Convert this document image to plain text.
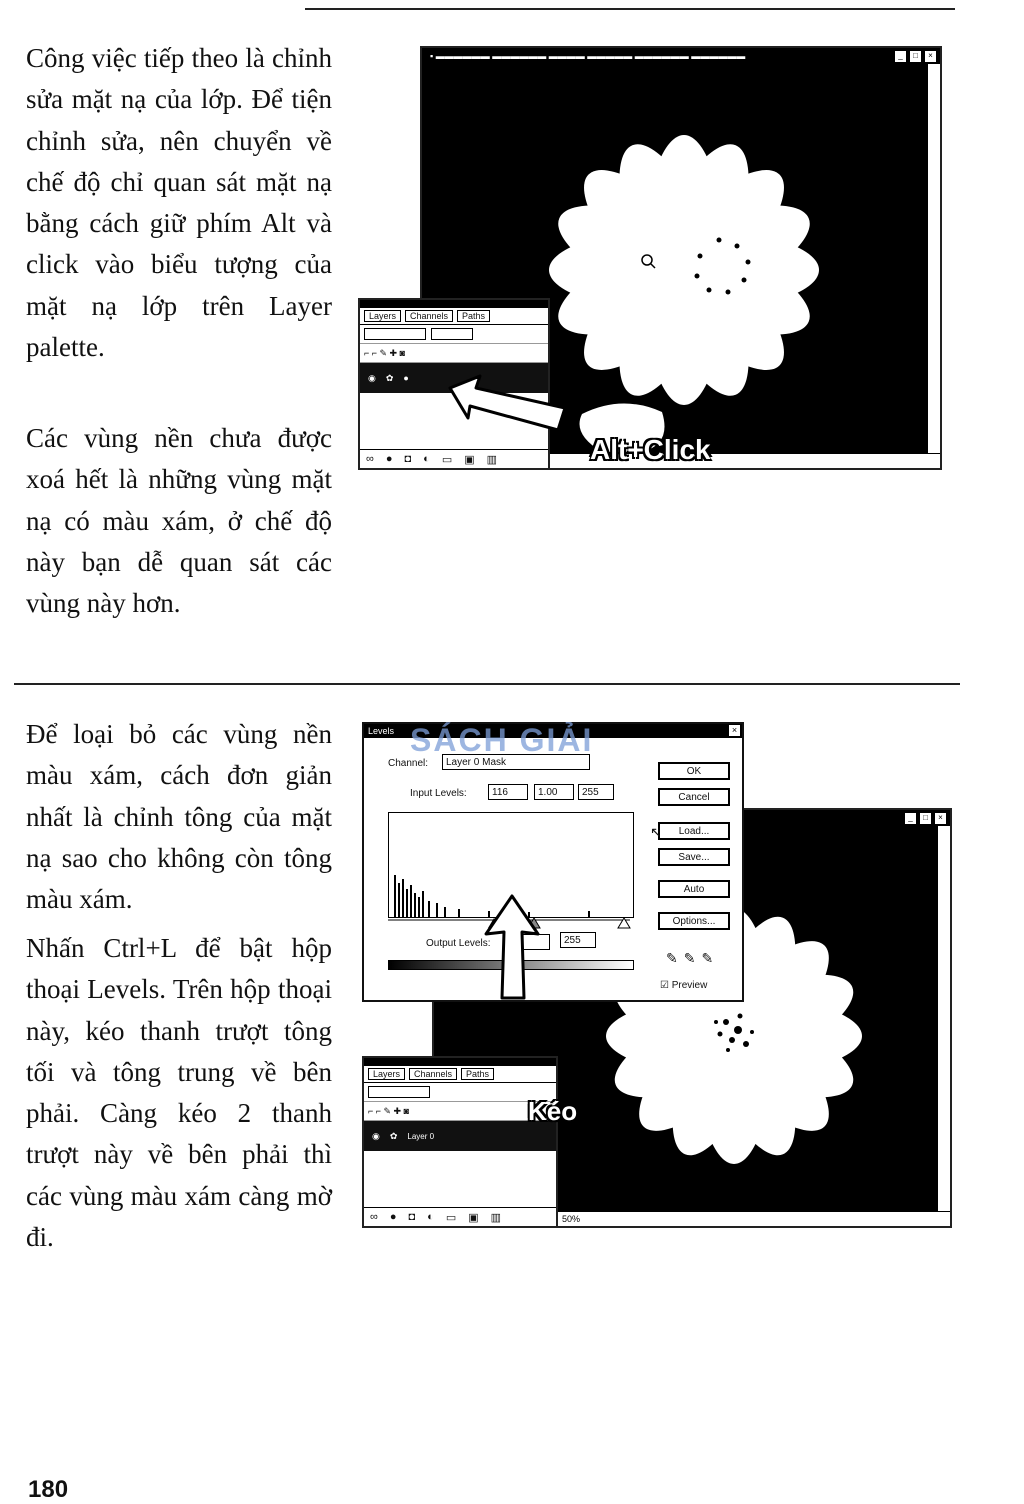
Công việc tiếp theo là chỉnh sửa mặt nạ của lớp. Để tiện chỉnh sửa, nên chuyển về chế độ chỉ quan sát mặt nạ bằng cách giữ phím Alt và click vào biểu tượng của mặt nạ lớp trên Layer palette.

Các vùng nền chưa được xoá hết là những vùng mặt nạ có màu xám, ở chế độ này bạn dễ quan sát các vùng này hơn.

▪ ▬▬▬▬▬▬ ▬▬▬▬▬▬ ▬▬▬▬ ▬▬▬▬▬ ▬▬▬▬▬▬ ▬▬▬▬▬▬	_	□	×
Layers	Channels	Paths
⌐ ⌐ ✎ ✚ ◙
◉ ✿ ●
∞ ● ◘ ◐ ▭ ▣ ▥	50% Alt+Click

Để loại bỏ các vùng nền màu xám, cách đơn giản nhất là chỉnh tông của mặt nạ sao cho không còn tông màu xám.

Nhấn Ctrl+L để bật hộp thoại Levels. Trên hộp thoại này, kéo thanh trượt tông tối và tông trung về bên phải. Càng kéo 2 thanh trượt này về bên phải thì các vùng màu xám càng mờ đi.

_	□	×
Levels	×
Channel:	Layer 0 Mask
Input Levels:	116	1.00	255
Output Levels:	255
OK
Cancel
Load...
Save...
Auto
Options...
✎✎✎
☑ Preview
↖
SÁCH GIẢI
Layers	Channels	Paths
⌐ ⌐ ✎ ✚ ◙
◉ ✿ Layer 0
∞ ● ◘ ◐ ▭ ▣ ▥	50%
Kéo
180
